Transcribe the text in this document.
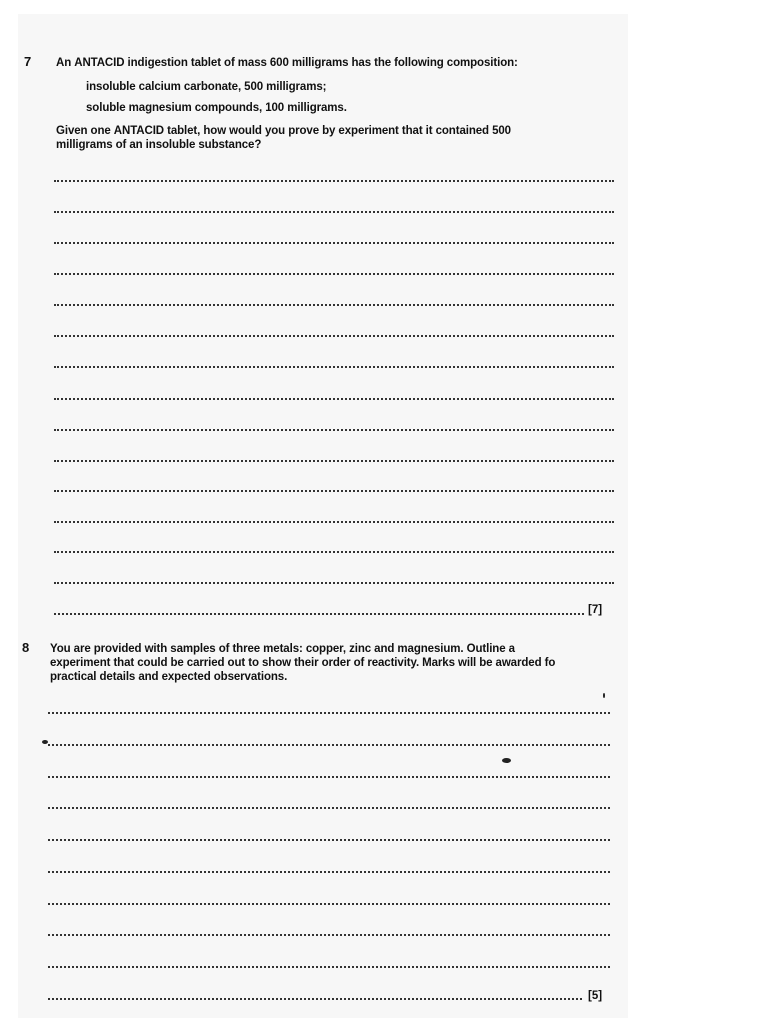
7 An ANTACID indigestion tablet of mass 600 milligrams has the following composition:
insoluble calcium carbonate, 500 milligrams;
soluble magnesium compounds, 100 milligrams.
Given one ANTACID tablet, how would you prove by experiment that it contained 500
milligrams of an insoluble substance?
[7]
8 You are provided with samples of three metals: copper, zinc and magnesium. Outline a
experiment that could be carried out to show their order of reactivity. Marks will be awarded fo
practical details and expected observations.
[5]
